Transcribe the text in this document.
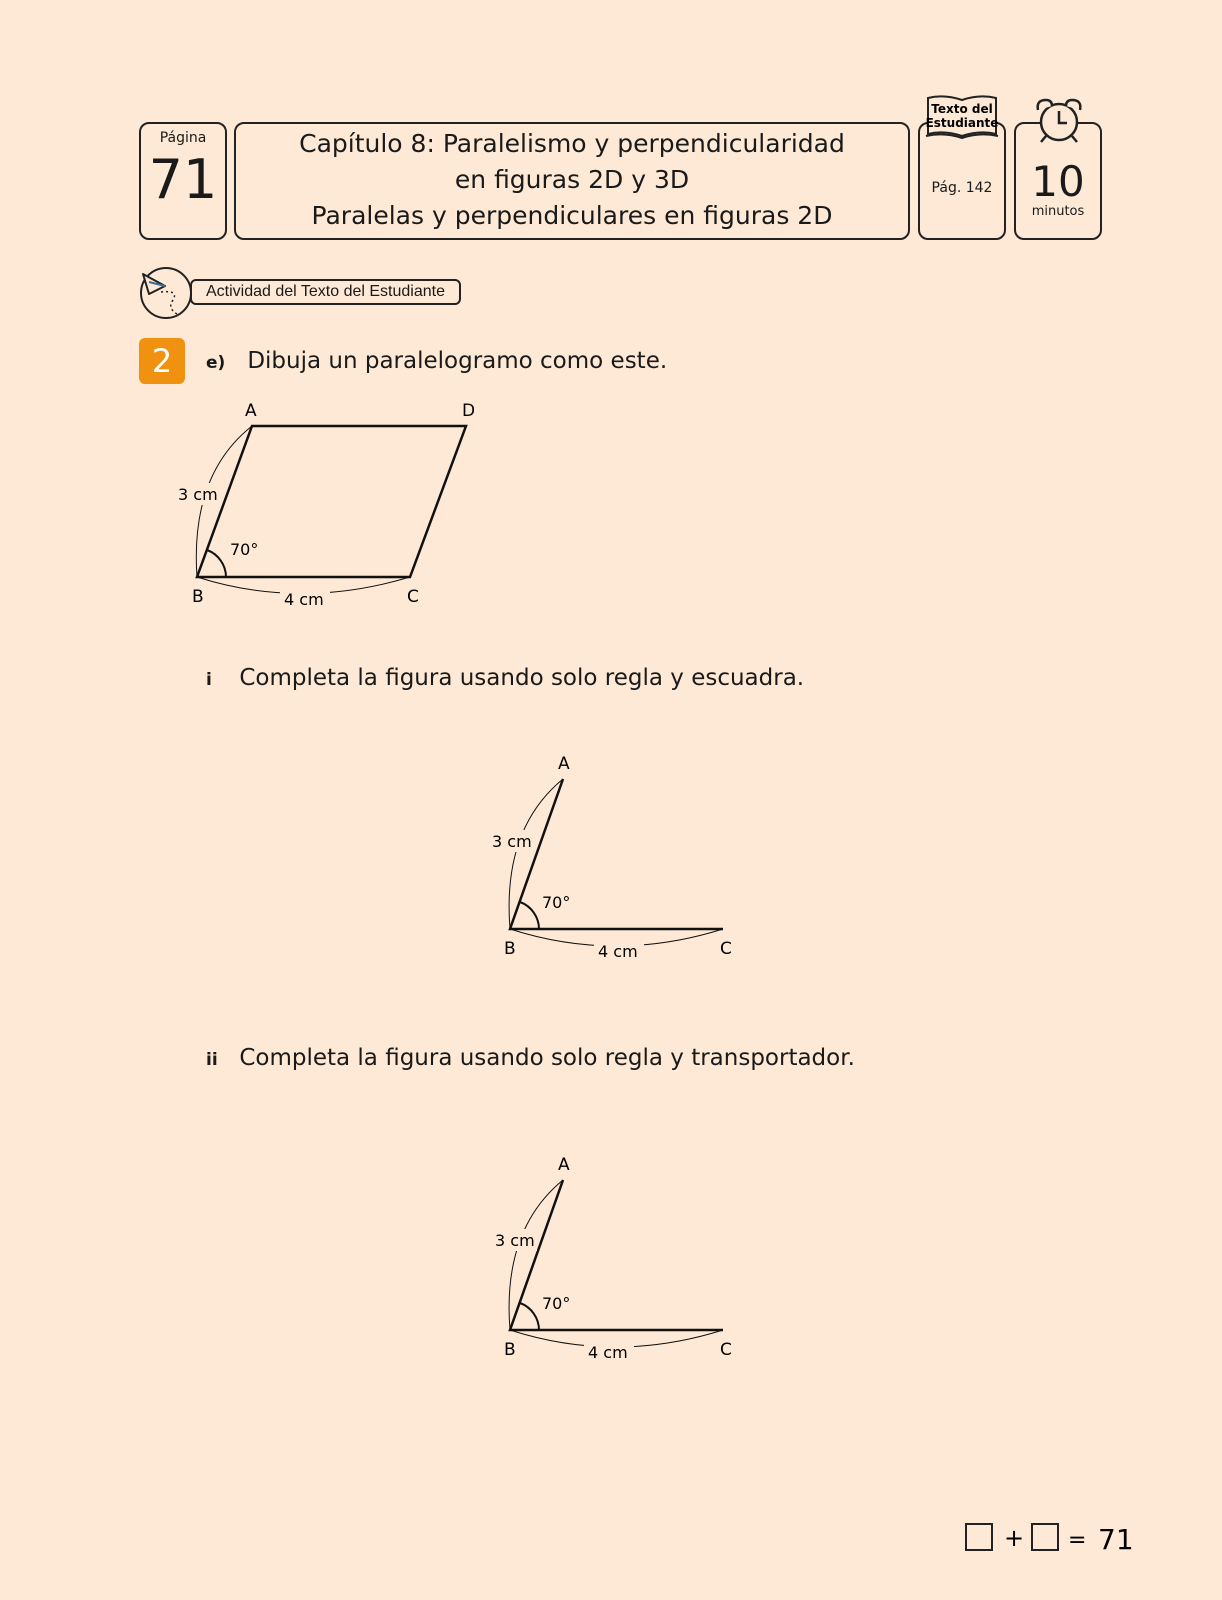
Página
71
Capítulo 8: Paralelismo y perpendicularidad
en figuras 2D y 3D
Paralelas y perpendiculares en figuras 2D
Pág. 142
Texto del
Estudiante
10
minutos
Actividad del Texto del Estudiante
2	e) Dibuja un paralelogramo como este.
A	D
B	C
3 cm
4 cm
70°
i Completa la figura usando solo regla y escuadra.
A
B	C
3 cm
4 cm
70°
ii Completa la figura usando solo regla y transportador.
A
B	C
3 cm
4 cm
70°
+ = 71
